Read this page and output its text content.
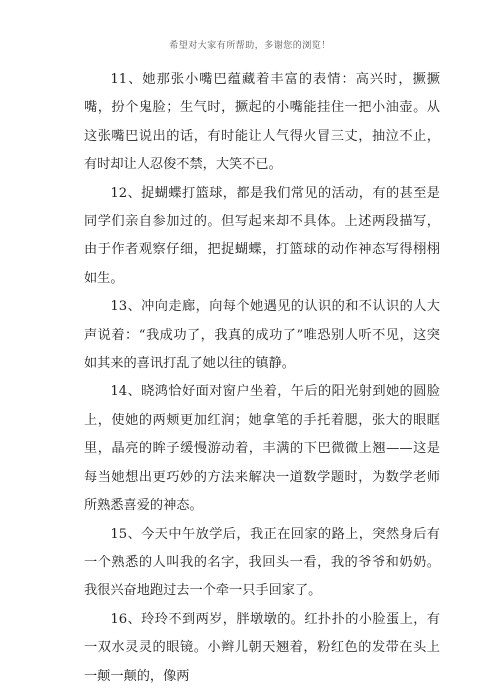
希望对大家有所帮助，多谢您的浏览！

11、她那张小嘴巴蕴藏着丰富的表情：高兴时，撅撅嘴，扮个鬼脸；生气时，撅起的小嘴能挂住一把小油壶。从这张嘴巴说出的话，有时能让人气得火冒三丈，抽泣不止，有时却让人忍俊不禁，大笑不已。

12、捉蝴蝶打篮球，都是我们常见的活动，有的甚至是同学们亲自参加过的。但写起来却不具体。上述两段描写，由于作者观察仔细，把捉蝴蝶，打篮球的动作神态写得栩栩如生。

13、冲向走廊，向每个她遇见的认识的和不认识的人大声说着：“我成功了，我真的成功了”唯恐别人听不见，这突如其来的喜讯打乱了她以往的镇静。

14、晓鸿恰好面对窗户坐着，午后的阳光射到她的圆脸上，使她的两颊更加红润；她拿笔的手托着腮，张大的眼眶里，晶亮的眸子缓慢游动着，丰满的下巴微微上翘——这是每当她想出更巧妙的方法来解决一道数学题时，为数学老师所熟悉喜爱的神态。

15、今天中午放学后，我正在回家的路上，突然身后有一个熟悉的人叫我的名字，我回头一看，我的爷爷和奶奶。我很兴奋地跑过去一个牵一只手回家了。

16、玲玲不到两岁，胖墩墩的。红扑扑的小脸蛋上，有一双水灵灵的眼镜。小辫儿朝天翘着，粉红色的发带在头上一颠一颠的，像两
